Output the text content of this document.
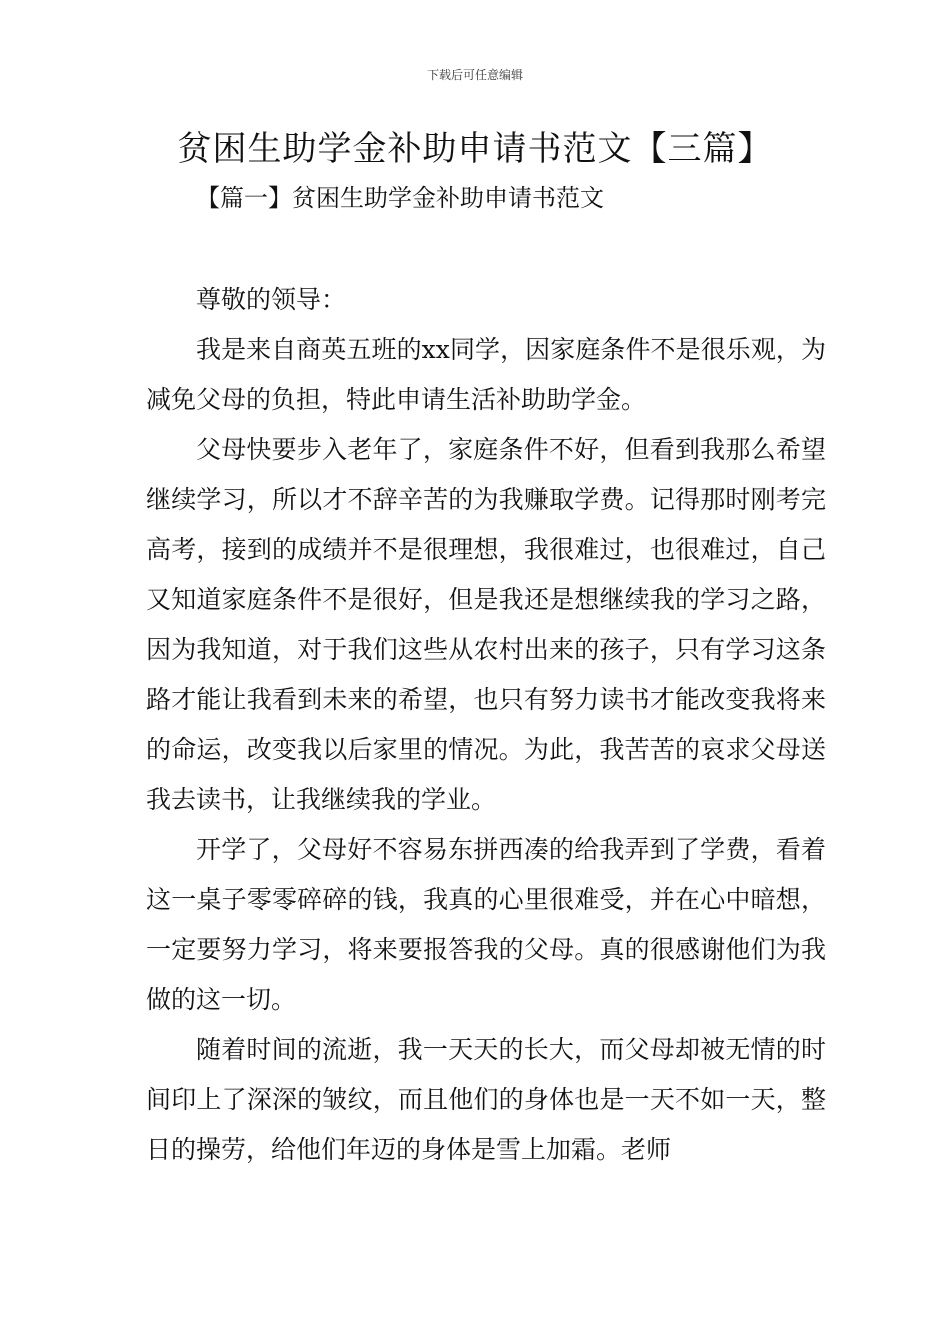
下载后可任意编辑
贫困生助学金补助申请书范文【三篇】
【篇一】贫困生助学金补助申请书范文

尊敬的领导：

我是来自商英五班的xx同学，因家庭条件不是很乐观，为减免父母的负担，特此申请生活补助助学金。

父母快要步入老年了，家庭条件不好，但看到我那么希望继续学习，所以才不辞辛苦的为我赚取学费。记得那时刚考完高考，接到的成绩并不是很理想，我很难过，也很难过，自己又知道家庭条件不是很好，但是我还是想继续我的学习之路，因为我知道，对于我们这些从农村出来的孩子，只有学习这条路才能让我看到未来的希望，也只有努力读书才能改变我将来的命运，改变我以后家里的情况。为此，我苦苦的哀求父母送我去读书，让我继续我的学业。

开学了，父母好不容易东拼西凑的给我弄到了学费，看着这一桌子零零碎碎的钱，我真的心里很难受，并在心中暗想，一定要努力学习，将来要报答我的父母。真的很感谢他们为我做的这一切。

随着时间的流逝，我一天天的长大，而父母却被无情的时间印上了深深的皱纹，而且他们的身体也是一天不如一天，整日的操劳，给他们年迈的身体是雪上加霜。老师
